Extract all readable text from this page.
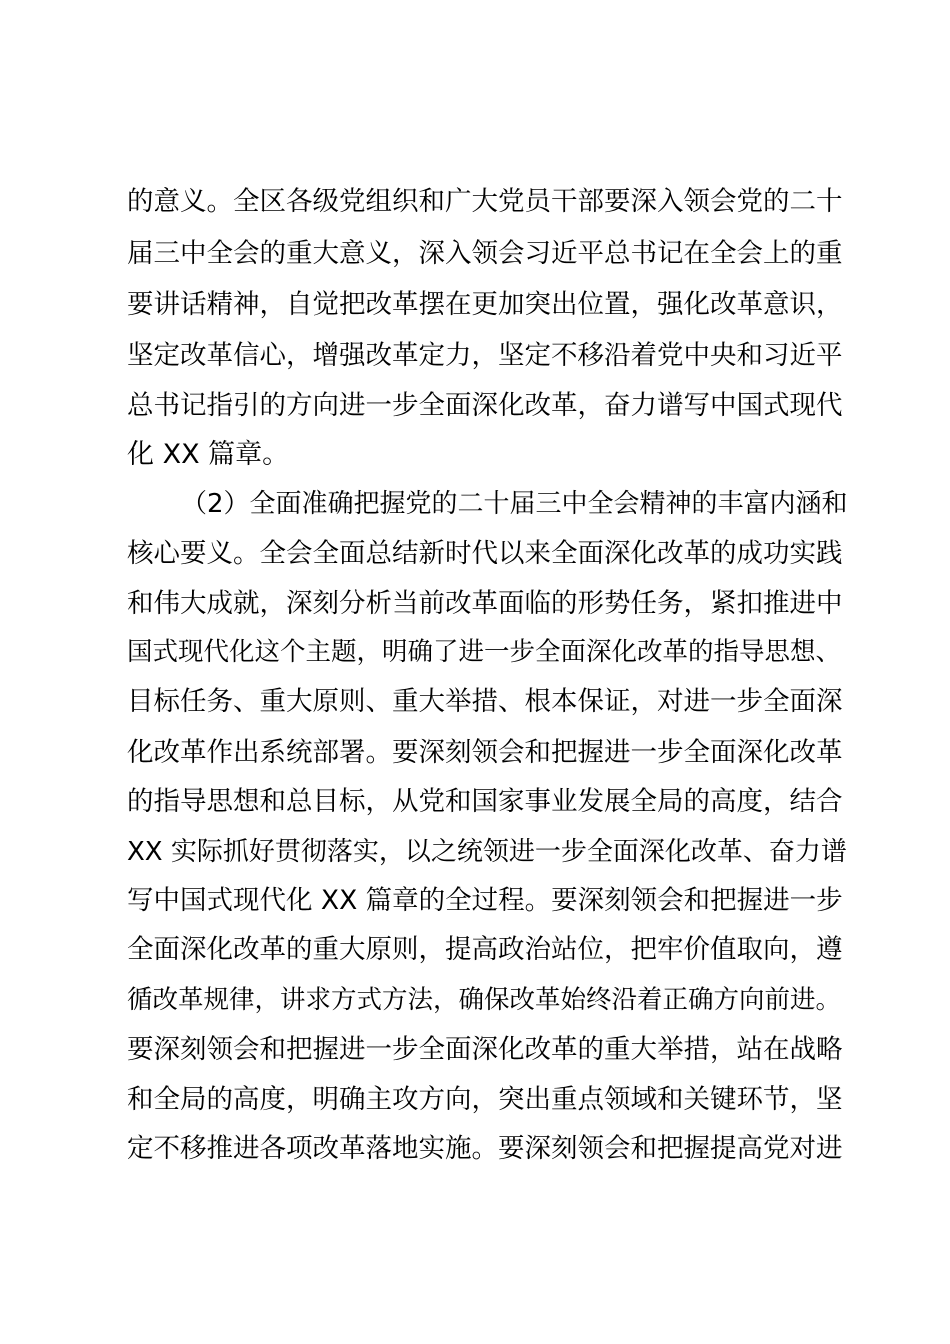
的意义。全区各级党组织和广大党员干部要深入领会党的二十
届三中全会的重大意义，深入领会习近平总书记在全会上的重
要讲话精神，自觉把改革摆在更加突出位置，强化改革意识，
坚定改革信心，增强改革定力，坚定不移沿着党中央和习近平
总书记指引的方向进一步全面深化改革，奋力谱写中国式现代
化 XX 篇章。
（2）全面准确把握党的二十届三中全会精神的丰富内涵和
核心要义。全会全面总结新时代以来全面深化改革的成功实践
和伟大成就，深刻分析当前改革面临的形势任务，紧扣推进中
国式现代化这个主题，明确了进一步全面深化改革的指导思想、
目标任务、重大原则、重大举措、根本保证，对进一步全面深
化改革作出系统部署。要深刻领会和把握进一步全面深化改革
的指导思想和总目标，从党和国家事业发展全局的高度，结合
XX 实际抓好贯彻落实，以之统领进一步全面深化改革、奋力谱
写中国式现代化 XX 篇章的全过程。要深刻领会和把握进一步
全面深化改革的重大原则，提高政治站位，把牢价值取向，遵
循改革规律，讲求方式方法，确保改革始终沿着正确方向前进。
要深刻领会和把握进一步全面深化改革的重大举措，站在战略
和全局的高度，明确主攻方向，突出重点领域和关键环节，坚
定不移推进各项改革落地实施。要深刻领会和把握提高党对进
